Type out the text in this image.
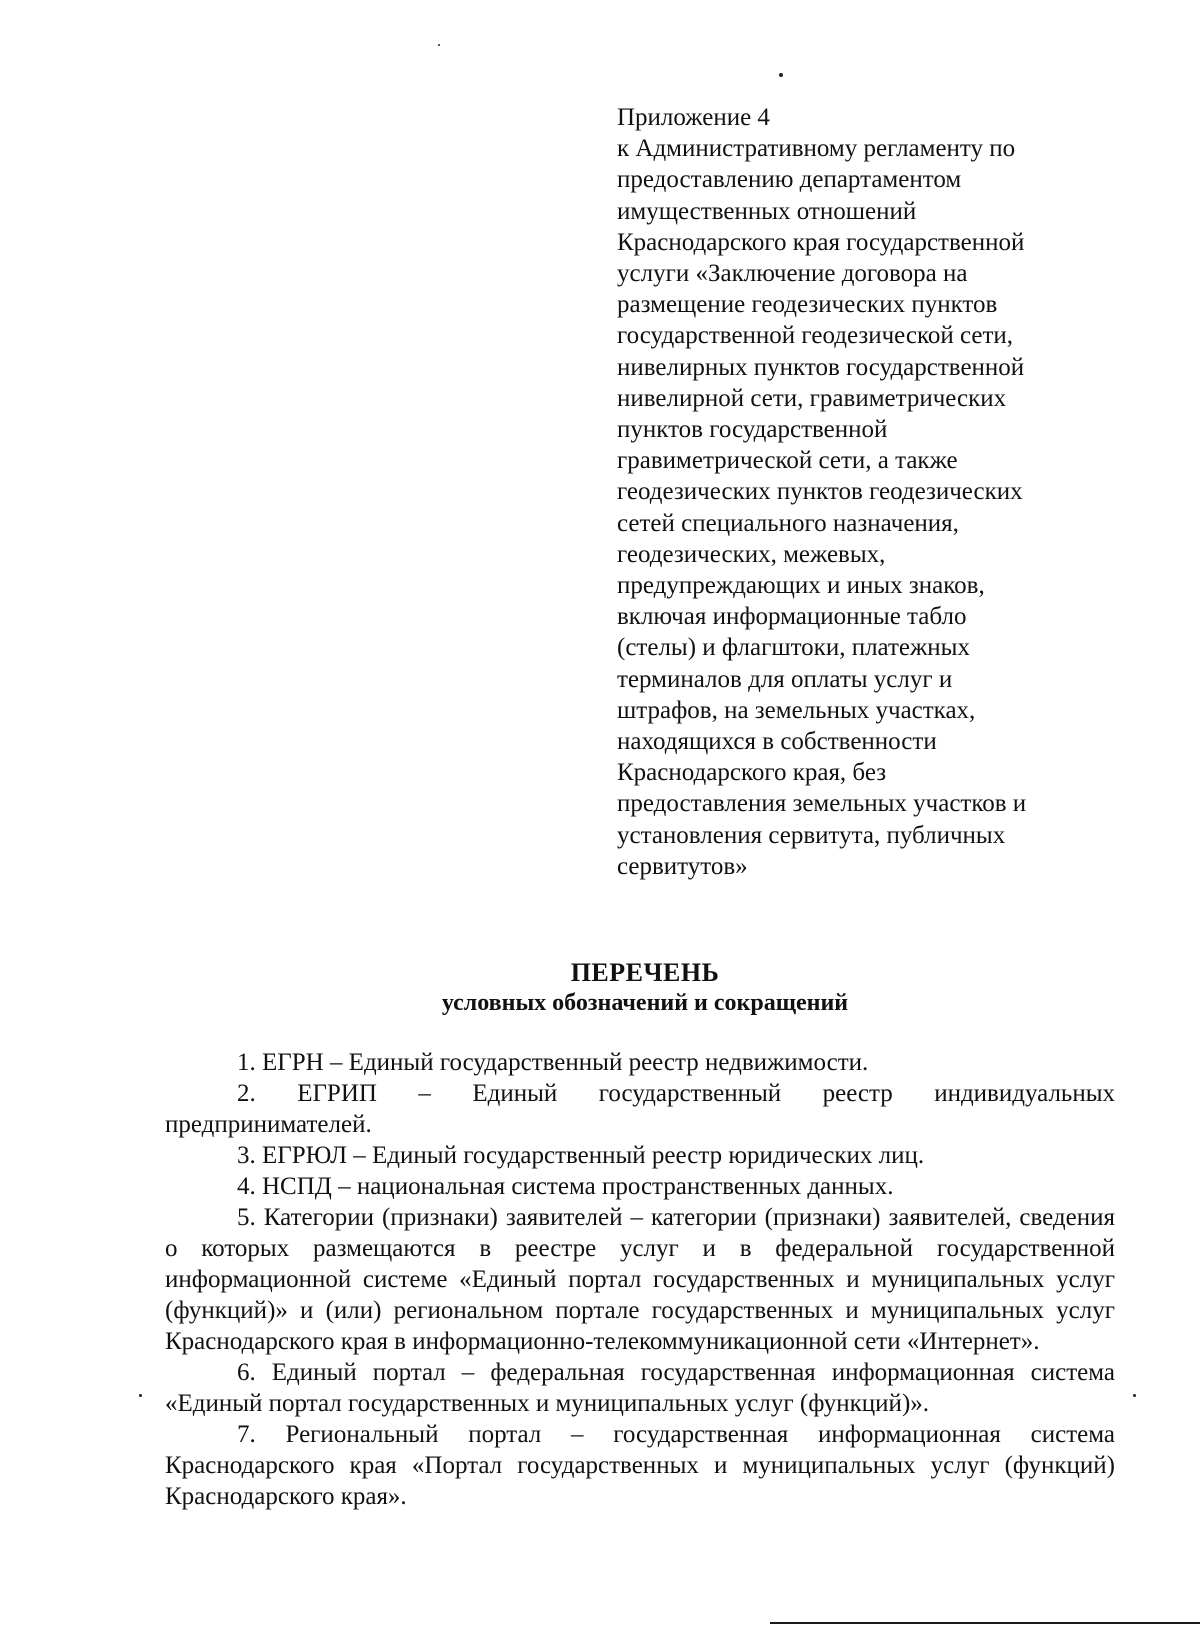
Приложение 4
к Административному регламенту по
предоставлению департаментом
имущественных отношений
Краснодарского края государственной
услуги «Заключение договора на
размещение геодезических пунктов
государственной геодезической сети,
нивелирных пунктов государственной
нивелирной сети, гравиметрических
пунктов государственной
гравиметрической сети, а также
геодезических пунктов геодезических
сетей специального назначения,
геодезических, межевых,
предупреждающих и иных знаков,
включая информационные табло
(стелы) и флагштоки, платежных
терминалов для оплаты услуг и
штрафов, на земельных участках,
находящихся в собственности
Краснодарского края, без
предоставления земельных участков и
установления сервитута, публичных
сервитутов»
ПЕРЕЧЕНЬ
условных обозначений и сокращений

1. ЕГРН – Единый государственный реестр недвижимости.

2. ЕГРИП – Единый государственный реестр индивидуальных предпринимателей.

3. ЕГРЮЛ – Единый государственный реестр юридических лиц.

4. НСПД – национальная система пространственных данных.

5. Категории (признаки) заявителей – категории (признаки) заявителей, сведения о которых размещаются в реестре услуг и в федеральной государственной информационной системе «Единый портал государственных и муниципальных услуг (функций)» и (или) региональном портале государственных и муниципальных услуг Краснодарского края в информационно-телекоммуникационной сети «Интернет».

6. Единый портал – федеральная государственная информационная система «Единый портал государственных и муниципальных услуг (функций)».

7. Региональный портал – государственная информационная система Краснодарского края «Портал государственных и муниципальных услуг (функций) Краснодарского края».
